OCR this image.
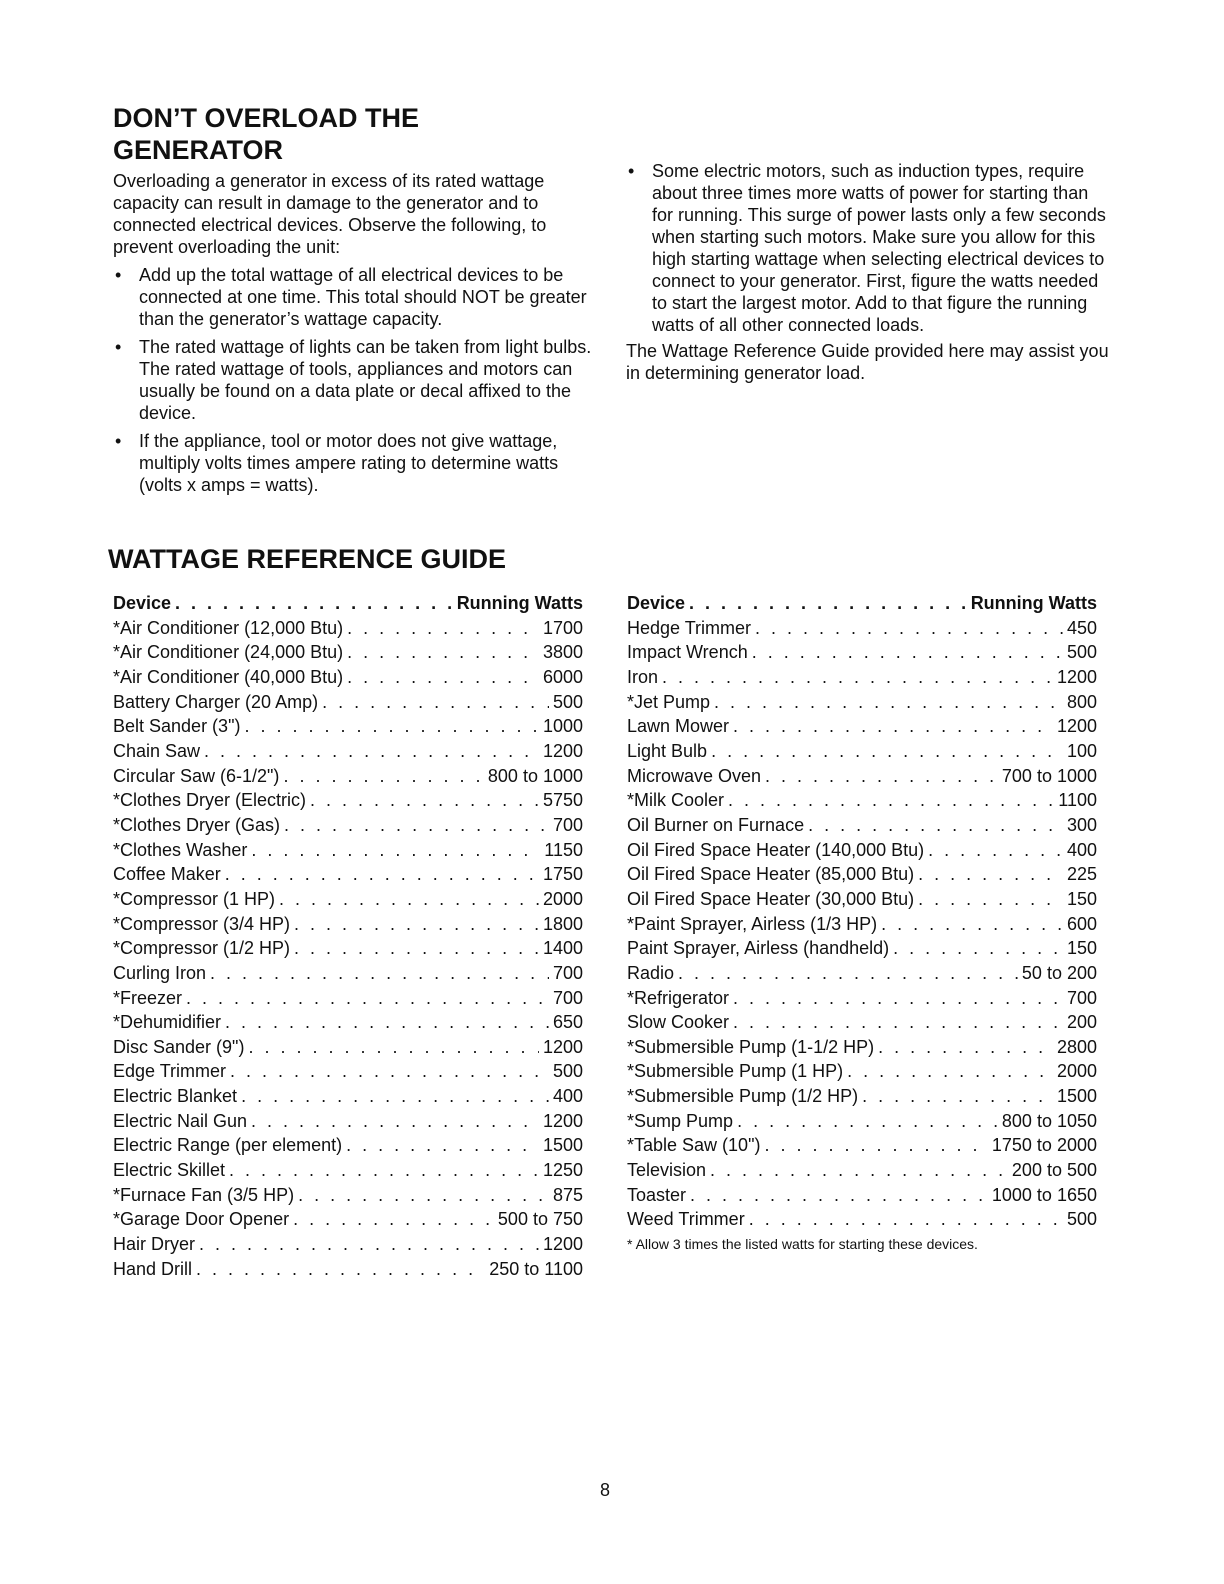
DON’T OVERLOAD THE
GENERATOR

Overloading a generator in excess of its rated wattage capacity can result in damage to the generator and to connected electrical devices. Observe the following, to prevent overloading the unit:

• Add up the total wattage of all electrical devices to be connected at one time. This total should NOT be greater than the generator’s wattage capacity.
• The rated wattage of lights can be taken from light bulbs. The rated wattage of tools, appliances and motors can usually be found on a data plate or decal affixed to the device.
• If the appliance, tool or motor does not give wattage, multiply volts times ampere rating to determine watts (volts x amps = watts).
• Some electric motors, such as induction types, require about three times more watts of power for starting than for running. This surge of power lasts only a few seconds when starting such motors. Make sure you allow for this high starting wattage when selecting electrical devices to connect to your generator. First, figure the watts needed to start the largest motor. Add to that figure the running watts of all other connected loads.

The Wattage Reference Guide provided here may assist you in determining generator load.

WATTAGE REFERENCE GUIDE
Device . . .	Running Watts
*Air Conditioner (12,000 Btu) . . .	1700
*Air Conditioner (24,000 Btu) . . .	3800
*Air Conditioner (40,000 Btu) . . .	6000
Battery Charger (20 Amp) . . .	500
Belt Sander (3") . . .	1000
Chain Saw . . .	1200
Circular Saw (6-1/2") . . .	800 to 1000
*Clothes Dryer (Electric) . . .	5750
*Clothes Dryer (Gas) . . .	700
*Clothes Washer . . .	1150
Coffee Maker . . .	1750
*Compressor (1 HP) . . .	2000
*Compressor (3/4 HP) . . .	1800
*Compressor (1/2 HP) . . .	1400
Curling Iron . . .	700
*Freezer . . .	700
*Dehumidifier . . .	650
Disc Sander (9") . . .	1200
Edge Trimmer . . .	500
Electric Blanket . . .	400
Electric Nail Gun . . .	1200
Electric Range (per element) . . .	1500
Electric Skillet . . .	1250
*Furnace Fan (3/5 HP) . . .	875
*Garage Door Opener . . .	500 to 750
Hair Dryer . . .	1200
Hand Drill . . .	250 to 1100
Device . . .	Running Watts
Hedge Trimmer . . .	450
Impact Wrench . . .	500
Iron . . .	1200
*Jet Pump . . .	800
Lawn Mower . . .	1200
Light Bulb . . .	100
Microwave Oven . . .	700 to 1000
*Milk Cooler . . .	1100
Oil Burner on Furnace . . .	300
Oil Fired Space Heater (140,000 Btu) . . .	400
Oil Fired Space Heater (85,000 Btu) . . .	225
Oil Fired Space Heater (30,000 Btu) . . .	150
*Paint Sprayer, Airless (1/3 HP) . . .	600
Paint Sprayer, Airless (handheld) . . .	150
Radio . . .	50 to 200
*Refrigerator . . .	700
Slow Cooker . . .	200
*Submersible Pump (1-1/2 HP) . . .	2800
*Submersible Pump (1 HP) . . .	2000
*Submersible Pump (1/2 HP) . . .	1500
*Sump Pump . . .	800 to 1050
*Table Saw (10") . . .	1750 to 2000
Television . . .	200 to 500
Toaster . . .	1000 to 1650
Weed Trimmer . . .	500
* Allow 3 times the listed watts for starting these devices.
8
